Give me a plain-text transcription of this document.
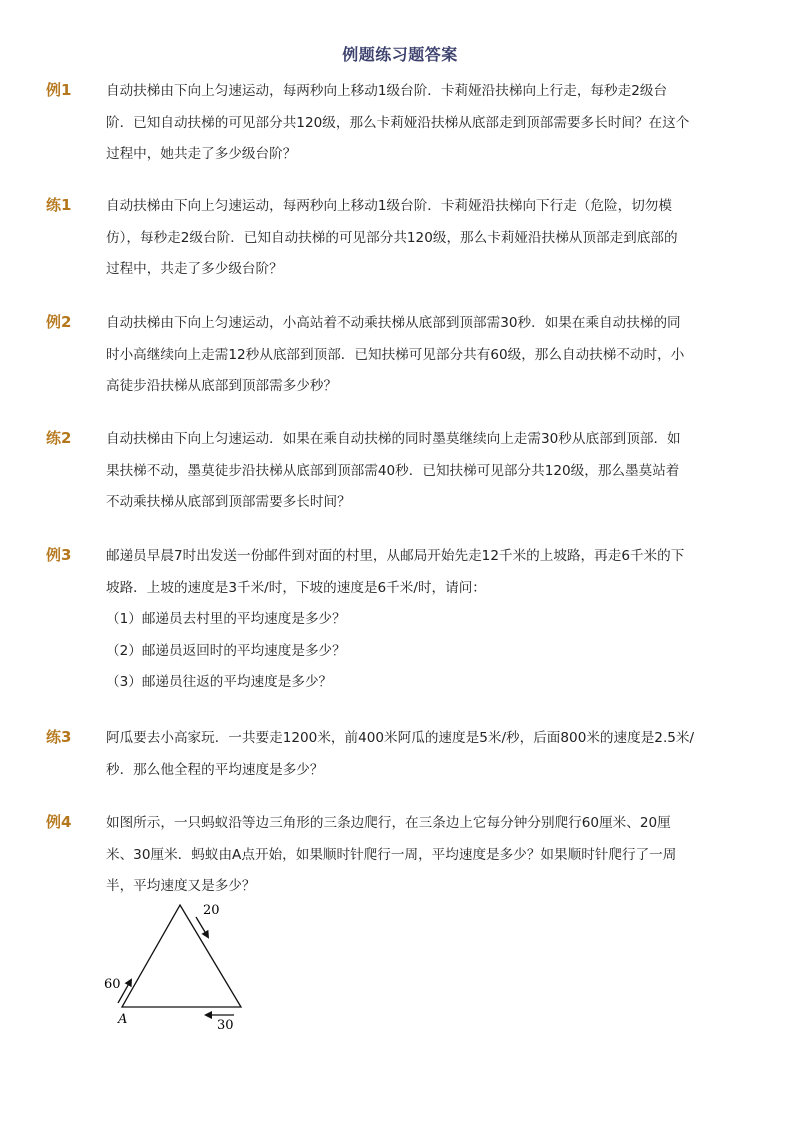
例题练习题答案
例1	自动扶梯由下向上匀速运动，每两秒向上移动1级台阶．卡莉娅沿扶梯向上行走，每秒走2级台
阶．已知自动扶梯的可见部分共120级，那么卡莉娅沿扶梯从底部走到顶部需要多长时间？在这个
过程中，她共走了多少级台阶？
练1	自动扶梯由下向上匀速运动，每两秒向上移动1级台阶．卡莉娅沿扶梯向下行走（危险，切勿模
仿），每秒走2级台阶．已知自动扶梯的可见部分共120级，那么卡莉娅沿扶梯从顶部走到底部的
过程中，共走了多少级台阶？
例2	自动扶梯由下向上匀速运动，小高站着不动乘扶梯从底部到顶部需30秒．如果在乘自动扶梯的同
时小高继续向上走需12秒从底部到顶部．已知扶梯可见部分共有60级，那么自动扶梯不动时，小
高徒步沿扶梯从底部到顶部需多少秒？
练2	自动扶梯由下向上匀速运动．如果在乘自动扶梯的同时墨莫继续向上走需30秒从底部到顶部．如
果扶梯不动，墨莫徒步沿扶梯从底部到顶部需40秒．已知扶梯可见部分共120级，那么墨莫站着
不动乘扶梯从底部到顶部需要多长时间？
例3	邮递员早晨7时出发送一份邮件到对面的村里，从邮局开始先走12千米的上坡路，再走6千米的下
坡路．上坡的速度是3千米/时，下坡的速度是6千米/时，请问：
（1）邮递员去村里的平均速度是多少？
（2）邮递员返回时的平均速度是多少？
（3）邮递员往返的平均速度是多少？
练3	阿瓜要去小高家玩．一共要走1200米，前400米阿瓜的速度是5米/秒，后面800米的速度是2.5米/
秒．那么他全程的平均速度是多少？
例4	如图所示，一只蚂蚁沿等边三角形的三条边爬行，在三条边上它每分钟分别爬行60厘米、20厘
米、30厘米．蚂蚁由A点开始，如果顺时针爬行一周，平均速度是多少？如果顺时针爬行了一周
半，平均速度又是多少？
60
20
30
A
